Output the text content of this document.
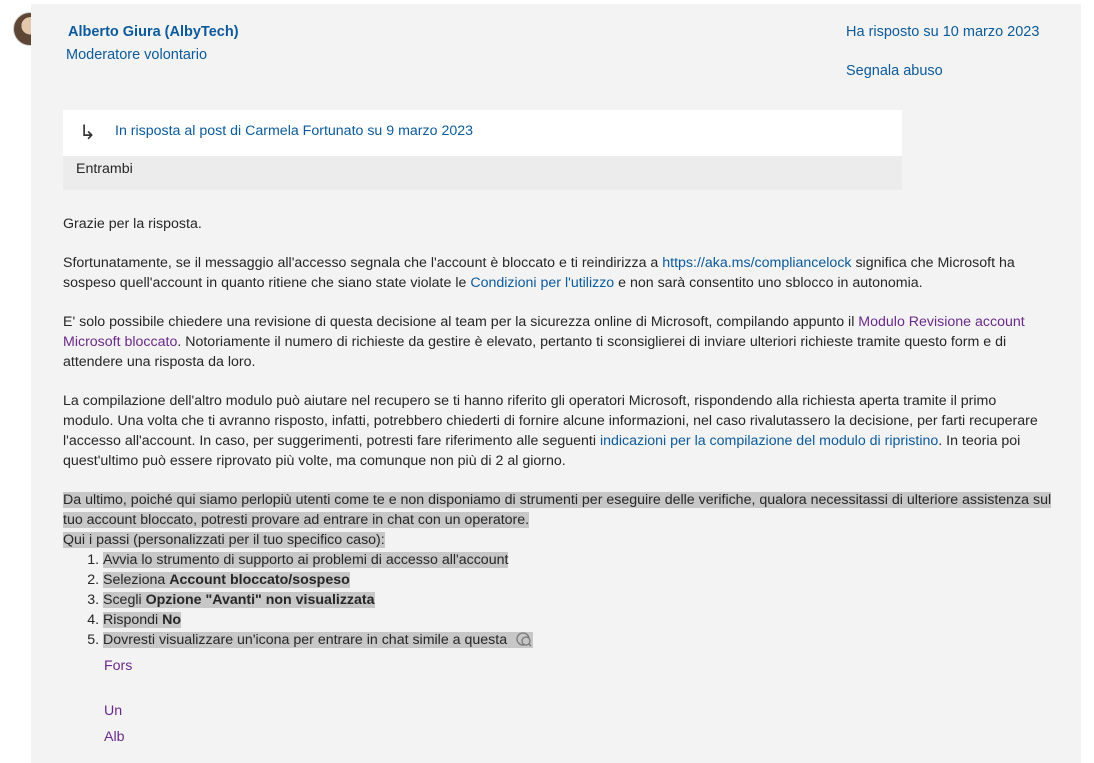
Alberto Giura (AlbyTech)
Moderatore volontario
Ha risposto su 10 marzo 2023
Segnala abuso
↳ In risposta al post di Carmela Fortunato su 9 marzo 2023
Entrambi

Grazie per la risposta.

Sfortunatamente, se il messaggio all'accesso segnala che l'account è bloccato e ti reindirizza a https://aka.ms/compliancelock significa che Microsoft ha sospeso quell'account in quanto ritiene che siano state violate le Condizioni per l'utilizzo e non sarà consentito uno sblocco in autonomia.

E' solo possibile chiedere una revisione di questa decisione al team per la sicurezza online di Microsoft, compilando appunto il Modulo Revisione account Microsoft bloccato. Notoriamente il numero di richieste da gestire è elevato, pertanto ti sconsiglierei di inviare ulteriori richieste tramite questo form e di attendere una risposta da loro.

La compilazione dell'altro modulo può aiutare nel recupero se ti hanno riferito gli operatori Microsoft, rispondendo alla richiesta aperta tramite il primo modulo. Una volta che ti avranno risposto, infatti, potrebbero chiederti di fornire alcune informazioni, nel caso rivalutassero la decisione, per farti recuperare l'accesso all'account. In caso, per suggerimenti, potresti fare riferimento alle seguenti indicazioni per la compilazione del modulo di ripristino. In teoria poi quest'ultimo può essere riprovato più volte, ma comunque non più di 2 al giorno.

Da ultimo, poiché qui siamo perlopiù utenti come te e non disponiamo di strumenti per eseguire delle verifiche, qualora necessitassi di ulteriore assistenza sul tuo account bloccato, potresti provare ad entrare in chat con un operatore.
Qui i passi (personalizzati per il tuo specifico caso):
1. Avvia lo strumento di supporto ai problemi di accesso all'account
2. Seleziona Account bloccato/sospeso
3. Scegli Opzione "Avanti" non visualizzata
4. Rispondi No
5. Dovresti visualizzare un'icona per entrare in chat simile a questa
Fors
Un
Alb
